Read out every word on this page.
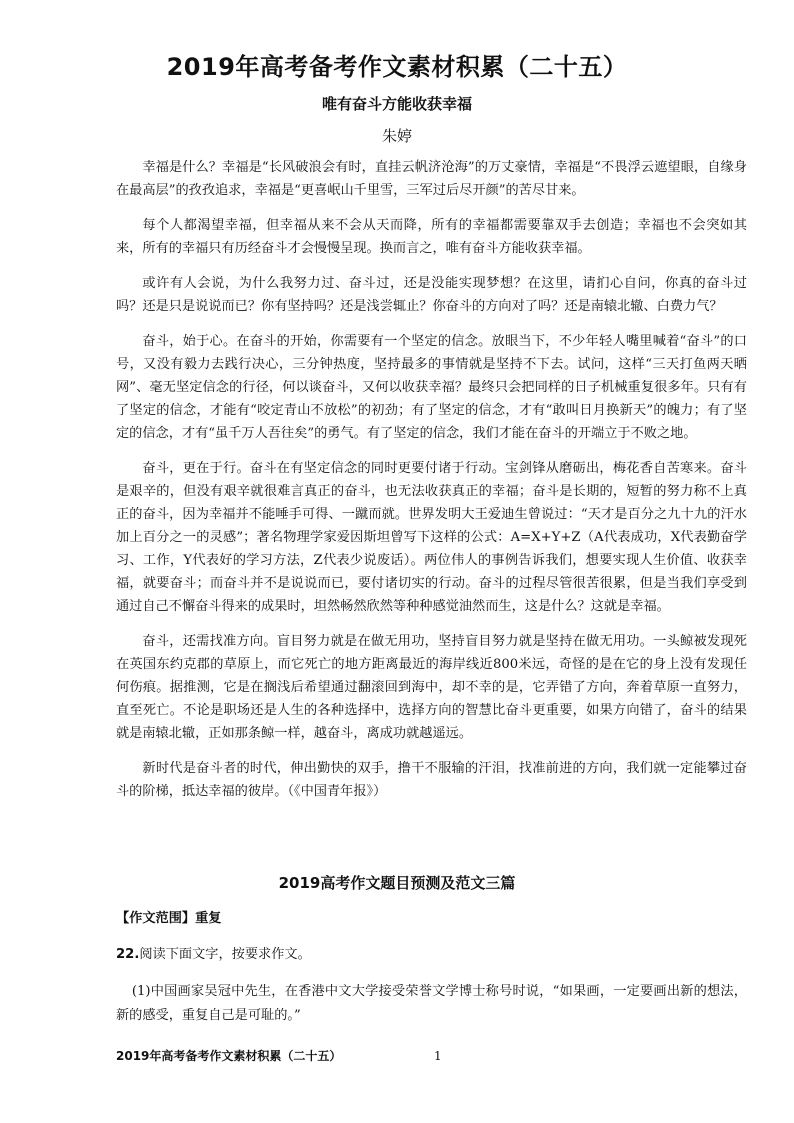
2019年高考备考作文素材积累（二十五）
唯有奋斗方能收获幸福
朱婷

幸福是什么？幸福是“长风破浪会有时，直挂云帆济沧海”的万丈豪情，幸福是“不畏浮云遮望眼，自缘身在最高层”的孜孜追求，幸福是“更喜岷山千里雪，三军过后尽开颜”的苦尽甘来。

每个人都渴望幸福，但幸福从来不会从天而降，所有的幸福都需要靠双手去创造；幸福也不会突如其来，所有的幸福只有历经奋斗才会慢慢呈现。换而言之，唯有奋斗方能收获幸福。

或许有人会说，为什么我努力过、奋斗过，还是没能实现梦想？在这里，请扪心自问，你真的奋斗过吗？还是只是说说而已？你有坚持吗？还是浅尝辄止？你奋斗的方向对了吗？还是南辕北辙、白费力气？

奋斗，始于心。在奋斗的开始，你需要有一个坚定的信念。放眼当下，不少年轻人嘴里喊着“奋斗”的口号，又没有毅力去践行决心，三分钟热度，坚持最多的事情就是坚持不下去。试问，这样“三天打鱼两天晒网”、毫无坚定信念的行径，何以谈奋斗，又何以收获幸福？最终只会把同样的日子机械重复很多年。只有有了坚定的信念，才能有“咬定青山不放松”的初劲；有了坚定的信念，才有“敢叫日月换新天”的魄力；有了坚定的信念，才有“虽千万人吾往矣”的勇气。有了坚定的信念，我们才能在奋斗的开端立于不败之地。

奋斗，更在于行。奋斗在有坚定信念的同时更要付诸于行动。宝剑锋从磨砺出，梅花香自苦寒来。奋斗是艰辛的，但没有艰辛就很难言真正的奋斗，也无法收获真正的幸福；奋斗是长期的，短暂的努力称不上真正的奋斗，因为幸福并不能唾手可得、一蹴而就。世界发明大王爱迪生曾说过：“天才是百分之九十九的汗水加上百分之一的灵感”；著名物理学家爱因斯坦曾写下这样的公式：A=X+Y+Z（A代表成功，X代表勤奋学习、工作，Y代表好的学习方法，Z代表少说废话）。两位伟人的事例告诉我们，想要实现人生价值、收获幸福，就要奋斗；而奋斗并不是说说而已，要付诸切实的行动。奋斗的过程尽管很苦很累，但是当我们享受到通过自己不懈奋斗得来的成果时，坦然畅然欣然等种种感觉油然而生，这是什么？这就是幸福。

奋斗，还需找准方向。盲目努力就是在做无用功，坚持盲目努力就是坚持在做无用功。一头鲸被发现死在英国东约克郡的草原上，而它死亡的地方距离最近的海岸线近800米远，奇怪的是在它的身上没有发现任何伤痕。据推测，它是在搁浅后希望通过翻滚回到海中，却不幸的是，它弄错了方向，奔着草原一直努力，直至死亡。不论是职场还是人生的各种选择中，选择方向的智慧比奋斗更重要，如果方向错了，奋斗的结果就是南辕北辙，正如那条鲸一样，越奋斗，离成功就越遥远。

新时代是奋斗者的时代，伸出勤快的双手，撸干不服输的汗泪，找准前进的方向，我们就一定能攀过奋斗的阶梯，抵达幸福的彼岸。（《中国青年报》）

2019高考作文题目预测及范文三篇

【作文范围】重复

22.阅读下面文字，按要求作文。

(1)中国画家吴冠中先生，在香港中文大学接受荣誉文学博士称号时说，“如果画，一定要画出新的想法，新的感受，重复自己是可耻的。”

2019年高考备考作文素材积累（二十五）	1
